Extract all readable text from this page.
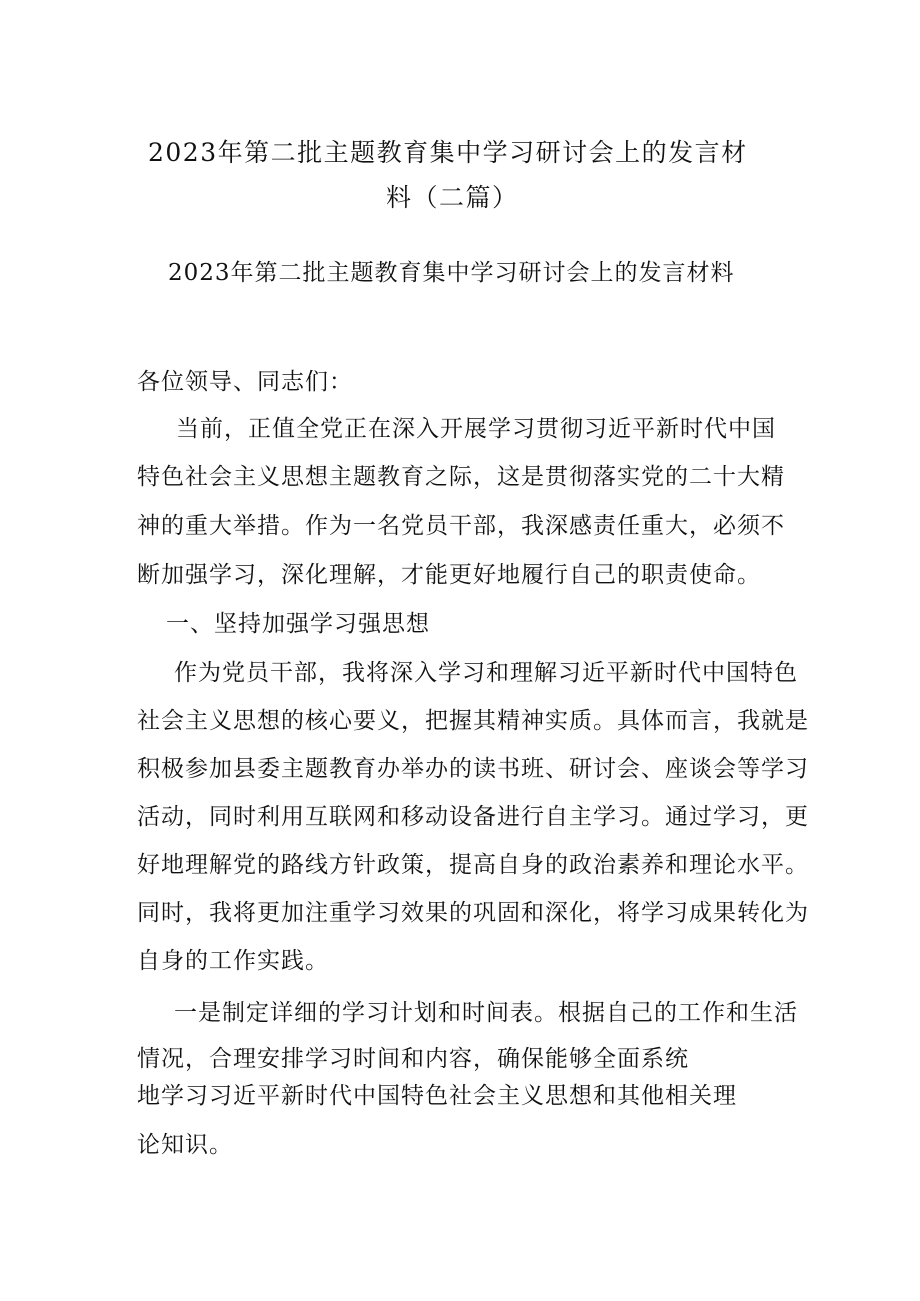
2023年第二批主题教育集中学习研讨会上的发言材

料（二篇）

2023年第二批主题教育集中学习研讨会上的发言材料

各位领导、同志们：

当前，正值全党正在深入开展学习贯彻习近平新时代中国

特色社会主义思想主题教育之际，这是贯彻落实党的二十大精

神的重大举措。作为一名党员干部，我深感责任重大，必须不

断加强学习，深化理解，才能更好地履行自己的职责使命。

一、坚持加强学习强思想

作为党员干部，我将深入学习和理解习近平新时代中国特色

社会主义思想的核心要义，把握其精神实质。具体而言，我就是

积极参加县委主题教育办举办的读书班、研讨会、座谈会等学习

活动，同时利用互联网和移动设备进行自主学习。通过学习，更

好地理解党的路线方针政策，提高自身的政治素养和理论水平。

同时，我将更加注重学习效果的巩固和深化，将学习成果转化为

自身的工作实践。

一是制定详细的学习计划和时间表。根据自己的工作和生活

情况，合理安排学习时间和内容，确保能够全面系统

地学习习近平新时代中国特色社会主义思想和其他相关理

论知识。
